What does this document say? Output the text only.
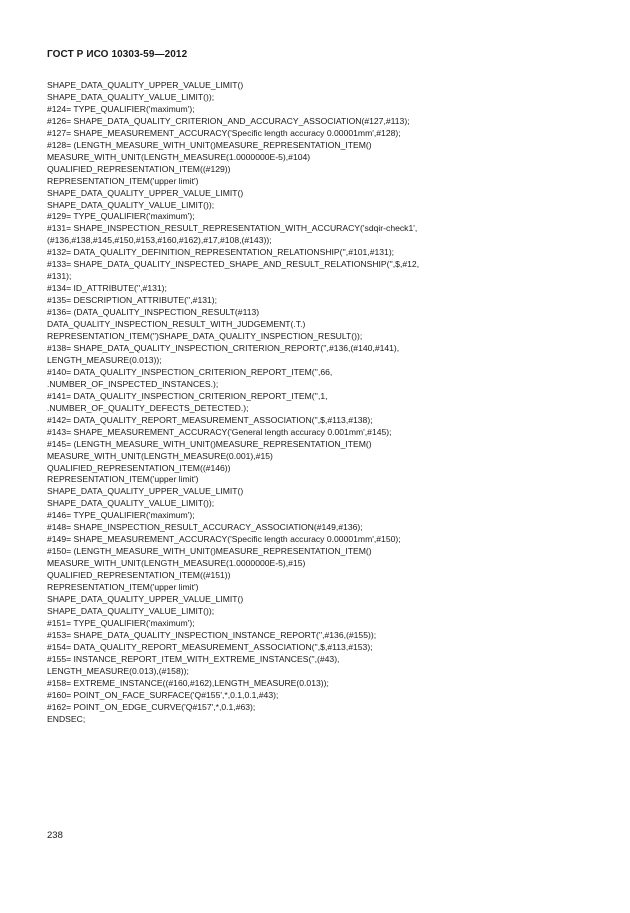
ГОСТ Р ИСО 10303-59—2012
SHAPE_DATA_QUALITY_UPPER_VALUE_LIMIT()
SHAPE_DATA_QUALITY_VALUE_LIMIT());
#124= TYPE_QUALIFIER('maximum');
#126= SHAPE_DATA_QUALITY_CRITERION_AND_ACCURACY_ASSOCIATION(#127,#113);
#127= SHAPE_MEASUREMENT_ACCURACY('Specific length accuracy 0.00001mm',#128);
#128= (LENGTH_MEASURE_WITH_UNIT()MEASURE_REPRESENTATION_ITEM()
MEASURE_WITH_UNIT(LENGTH_MEASURE(1.0000000E-5),#104)
QUALIFIED_REPRESENTATION_ITEM((#129))
REPRESENTATION_ITEM('upper limit')
SHAPE_DATA_QUALITY_UPPER_VALUE_LIMIT()
SHAPE_DATA_QUALITY_VALUE_LIMIT());
#129= TYPE_QUALIFIER('maximum');
#131= SHAPE_INSPECTION_RESULT_REPRESENTATION_WITH_ACCURACY('sdqir-check1',
(#136,#138,#145,#150,#153,#160,#162),#17,#108,(#143));
#132= DATA_QUALITY_DEFINITION_REPRESENTATION_RELATIONSHIP('',#101,#131);
#133= SHAPE_DATA_QUALITY_INSPECTED_SHAPE_AND_RESULT_RELATIONSHIP('',$,#12,
#131);
#134= ID_ATTRIBUTE('',#131);
#135= DESCRIPTION_ATTRIBUTE('',#131);
#136= (DATA_QUALITY_INSPECTION_RESULT(#113)
DATA_QUALITY_INSPECTION_RESULT_WITH_JUDGEMENT(.T.)
REPRESENTATION_ITEM('')SHAPE_DATA_QUALITY_INSPECTION_RESULT());
#138= SHAPE_DATA_QUALITY_INSPECTION_CRITERION_REPORT('',#136,(#140,#141),
LENGTH_MEASURE(0.013));
#140= DATA_QUALITY_INSPECTION_CRITERION_REPORT_ITEM('',66,
.NUMBER_OF_INSPECTED_INSTANCES.);
#141= DATA_QUALITY_INSPECTION_CRITERION_REPORT_ITEM('',1,
.NUMBER_OF_QUALITY_DEFECTS_DETECTED.);
#142= DATA_QUALITY_REPORT_MEASUREMENT_ASSOCIATION('',$,#113,#138);
#143= SHAPE_MEASUREMENT_ACCURACY('General length accuracy 0.001mm',#145);
#145= (LENGTH_MEASURE_WITH_UNIT()MEASURE_REPRESENTATION_ITEM()
MEASURE_WITH_UNIT(LENGTH_MEASURE(0.001),#15)
QUALIFIED_REPRESENTATION_ITEM((#146))
REPRESENTATION_ITEM('upper limit')
SHAPE_DATA_QUALITY_UPPER_VALUE_LIMIT()
SHAPE_DATA_QUALITY_VALUE_LIMIT());
#146= TYPE_QUALIFIER('maximum');
#148= SHAPE_INSPECTION_RESULT_ACCURACY_ASSOCIATION(#149,#136);
#149= SHAPE_MEASUREMENT_ACCURACY('Specific length accuracy 0.00001mm',#150);
#150= (LENGTH_MEASURE_WITH_UNIT()MEASURE_REPRESENTATION_ITEM()
MEASURE_WITH_UNIT(LENGTH_MEASURE(1.0000000E-5),#15)
QUALIFIED_REPRESENTATION_ITEM((#151))
REPRESENTATION_ITEM('upper limit')
SHAPE_DATA_QUALITY_UPPER_VALUE_LIMIT()
SHAPE_DATA_QUALITY_VALUE_LIMIT());
#151= TYPE_QUALIFIER('maximum');
#153= SHAPE_DATA_QUALITY_INSPECTION_INSTANCE_REPORT('',#136,(#155));
#154= DATA_QUALITY_REPORT_MEASUREMENT_ASSOCIATION('',$,#113,#153);
#155= INSTANCE_REPORT_ITEM_WITH_EXTREME_INSTANCES('',(#43),
LENGTH_MEASURE(0.013),(#158));
#158= EXTREME_INSTANCE((#160,#162),LENGTH_MEASURE(0.013));
#160= POINT_ON_FACE_SURFACE('Q#155',*,0.1,0.1,#43);
#162= POINT_ON_EDGE_CURVE('Q#157',*,0.1,#63);
ENDSEC;
238
